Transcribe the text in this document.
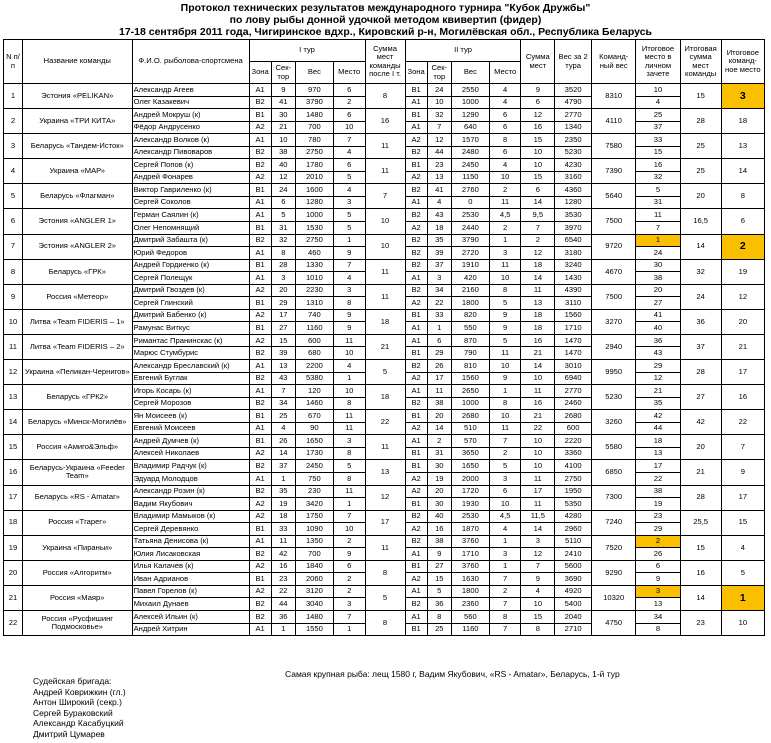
Протокол технических результатов международного турнира "Кубок Дружбы"
по лову рыбы донной удочкой методом квивертип (фидер)
17-18 сентября 2011 года, Чигиринское вдхр., Кировский р-н, Могилёвская обл., Республика Беларусь
N п/п	Название команды	Ф.И.О. рыболова-спортсмена	I тур				Сумма мест команды после I т.	II тур				Сумма мест	Вес за 2 тура	Команд-ный вес	Итоговое место в личном зачете	Итоговая сумма мест команды	Итоговое команд-ное место
			Зона	Сек-тор	Вес	Место		Зона	Сек-тор	Вес	Место						
1	Эстония «PELIKAN»	Александр Агеев	A1	9	970	6	8	B1	24	2550	4	9	3520	8310	10	15	3
		Олег Казакевич	B2	41	3790	2		A1	10	1000	4	6	4790		4		
2	Украина «ТРИ КИТА»	Андрей Мокруш (к)	B1	30	1480	6	16	B1	32	1290	6	12	2770	4110	25	28	18
		Фёдор Андрусенко	A2	21	700	10		A1	7	640	6	16	1340		37		
3	Беларусь «Тандем-Исток»	Александр Волков (к)	A1	10	780	7	11	A2	12	1570	8	15	2350	7580	33	25	13
		Александр Пивоваров	B2	38	2750	4		B2	44	2480	6	10	5230		15		
4	Украина «МАР»	Сергей Попов (к)	B2	40	1780	6	11	B1	23	2450	4	10	4230	7390	16	25	14
		Андрей Фонарев	A2	12	2010	5		A2	13	1150	10	15	3160		32		
5	Беларусь «Флагман»	Виктор Гавриленко (к)	B1	24	1600	4	7	B2	41	2760	2	6	4360	5640	5	20	8
		Сергей Соколов	A1	6	1280	3		A1	4	0	11	14	1280		31		
6	Эстония «ANGLER 1»	Герман Саялин (к)	A1	5	1000	5	10	B2	43	2530	4,5	9,5	3530	7500	11	16,5	6
		Олег Непомнящий	B1	31	1530	5		A2	18	2440	2	7	3970		7		
7	Эстония «ANGLER 2»	Дмитрий Забашта (к)	B2	32	2750	1	10	B2	35	3790	1	2	6540	9720	1	14	2
		Юрий Федоров	A1	8	460	9		B2	39	2720	3	12	3180		24		
8	Беларусь «ГРК»	Андрей Гордиенко (к)	B1	28	1330	7	11	B2	37	1910	11	18	3240	4670	30	32	19
		Сергей Полещук	A1	3	1010	4		A1	3	420	10	14	1430		38		
9	Россия «Метеор»	Дмитрий Гвоздев (к)	A2	20	2230	3	11	B2	34	2160	8	11	4390	7500	20	24	12
		Сергей Глинский	B1	29	1310	8		A2	22	1800	5	13	3110		27		
10	Литва «Team FIDERIS – 1»	Дмитрий Бабенко (к)	A2	17	740	9	18	B1	33	820	9	18	1560	3270	41	36	20
		Рамунас Виткус	B1	27	1160	9		A1	1	550	9	18	1710		40		
11	Литва «Team FIDERIS – 2»	Римантас Пранинскас (к)	A2	15	600	11	21	A1	6	870	5	16	1470	2940	36	37	21
		Марюс Стумбурис	B2	39	680	10		B1	29	790	11	21	1470		43		
12	Украина «Пеликан-Чернигов»	Александр Бреславский (к)	A1	13	2200	4	5	B2	26	810	10	14	3010	9950	29	28	17
		Евгений Буглак	B2	43	5380	1		A2	17	1560	9	10	6940		12		
13	Беларусь «ГРК2»	Игорь Косарь (к)	A1	7	120	10	18	A1	11	2650	1	11	2770	5230	21	27	16
		Сергей Морозов	B2	34	1460	8		B2	38	1000	8	16	2460		35		
14	Беларусь «Минск-Могилёв»	Ян Моисеев (к)	B1	25	670	11	22	B1	20	2680	10	21	2680	3260	42	42	22
		Евгений Моисеев	A1	4	90	11		A2	14	510	11	22	600		44		
15	Россия «Амиго&Эльф»	Андрей Думчев (к)	B1	26	1650	3	11	A1	2	570	7	10	2220	5580	18	20	7
		Алексей Николаев	A2	14	1730	8		B1	31	3650	2	10	3360		13		
16	Беларусь-Украина «Feeder Team»	Владимир Радчук (к)	B2	37	2450	5	13	B1	30	1650	5	10	4100	6850	17	21	9
		Эдуард Молодцов	A1	1	750	8		A2	19	2000	3	11	2750		22		
17	Беларусь «RS - Amatar»	Александр Розин (к)	B2	35	230	11	12	A2	20	1720	6	17	1950	7300	38	28	17
		Вадим Якубович	A2	19	3420	1		B1	30	1930	10	11	5350		19		
18	Россия «Тrарег»	Владимир Мамыков (к)	A2	18	1750	7	17	B2	40	2530	4,5	11,5	4280	7240	23	25,5	15
		Сергей Деревянко	B1	33	1090	10		A2	16	1870	4	14	2960		29		
19	Украина «Пираньи»	Татьяна Денисова (к)	A1	11	1350	2	11	B2	38	3760	1	3	5110	7520	2	15	4
		Юлия Лисаковская	B2	42	700	9		A1	9	1710	3	12	2410		26		
20	Россия «Алгоритм»	Илья Калачев (к)	A2	16	1840	6	8	B1	27	3760	1	7	5600	9290	6	16	5
		Иван Адрианов	B1	23	2060	2		A2	15	1630	7	9	3690		9		
21	Россия «Маяр»	Павел Горелов (к)	A2	22	3120	2	5	A1	5	1800	2	4	4920	10320	3	14	1
		Михаил Дунаев	B2	44	3040	3		B2	36	2360	7	10	5400		13		
22	Россия «Русфишинг Подмосковье»	Алексей Ильин (к)	B2	36	1480	7	8	A1	8	560	8	15	2040	4750	34	23	10
		Андрей Хитрин	A1	1	1550	1		B1	25	1160	7	8	2710		8		
Самая крупная рыба: лещ 1580 г, Вадим Якубович, «RS - Amatar», Беларусь, 1-й тур
Судейская бригада:
Андрей Коврижкин (гл.)
Антон Широкий (секр.)
Сергей Бураковский
Александр Касабуцкий
Дмитрий Цумарев
